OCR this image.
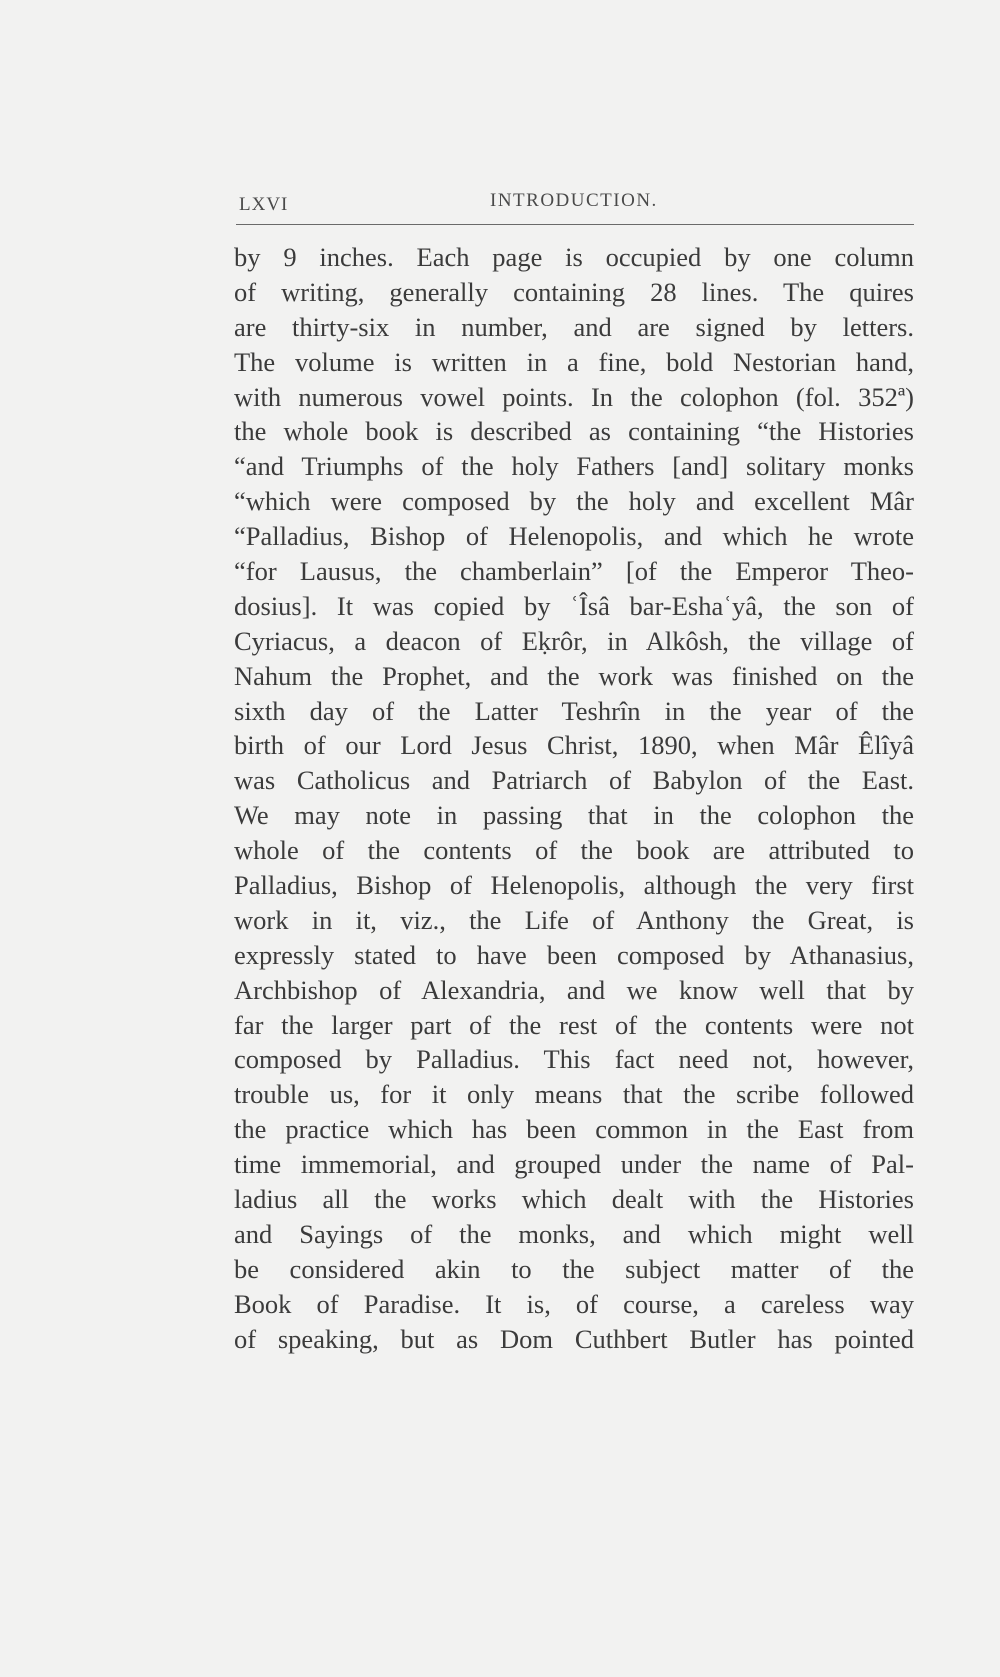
LXVI	INTRODUCTION.
by 9 inches. Each page is occupied by one column
of writing, generally containing 28 lines. The quires
are thirty-six in number, and are signed by letters.
The volume is written in a fine, bold Nestorian hand,
with numerous vowel points. In the colophon (fol. 352ª)
the whole book is described as containing “the Histories
“and Triumphs of the holy Fathers [and] solitary monks
“which were composed by the holy and excellent Mâr
“Palladius, Bishop of Helenopolis, and which he wrote
“for Lausus, the chamberlain” [of the Emperor Theo-
dosius]. It was copied by ʿÎsâ bar-Eshaʿyâ, the son of
Cyriacus, a deacon of Eḳrôr, in Alkôsh, the village of
Nahum the Prophet, and the work was finished on the
sixth day of the Latter Teshrîn in the year of the
birth of our Lord Jesus Christ, 1890, when Mâr Êlîyâ
was Catholicus and Patriarch of Babylon of the East.
We may note in passing that in the colophon the
whole of the contents of the book are attributed to
Palladius, Bishop of Helenopolis, although the very first
work in it, viz., the Life of Anthony the Great, is
expressly stated to have been composed by Athanasius,
Archbishop of Alexandria, and we know well that by
far the larger part of the rest of the contents were not
composed by Palladius. This fact need not, however,
trouble us, for it only means that the scribe followed
the practice which has been common in the East from
time immemorial, and grouped under the name of Pal-
ladius all the works which dealt with the Histories
and Sayings of the monks, and which might well
be considered akin to the subject matter of the
Book of Paradise. It is, of course, a careless way
of speaking, but as Dom Cuthbert Butler has pointed
